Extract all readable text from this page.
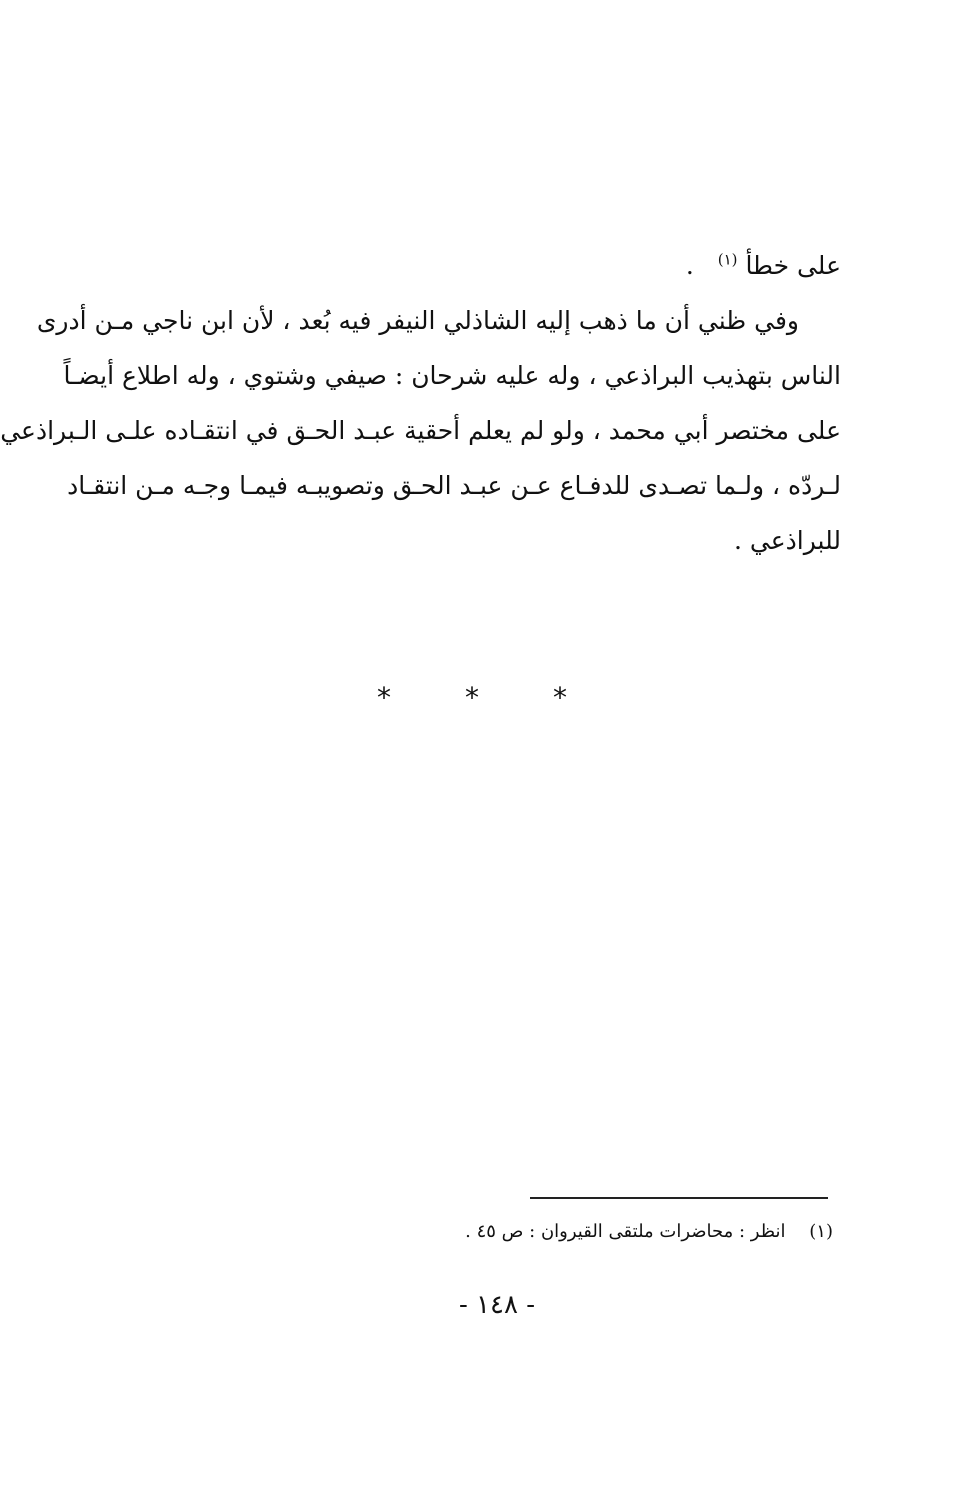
على خطأ $^{(١)}$   .
وفي ظني أن ما ذهب إليه الشاذلي النيفر فيه بُعد ، لأن ابن ناجي مـن أدرى
الناس بتهذيب البراذعي ، وله عليه شرحان : صيفي وشتوي ، وله اطلاع أيضـاً
على مختصر أبي محمد ، ولو لم يعلم أحقية عبـد الحـق في انتقـاده علـى الـبراذعي
لـردّه ، ولـما تصـدى للدفـاع عـن عبـد الحـق وتصويبـه فيمـا وجـه مـن انتقـاد
للبراذعي .
*
*
*
(١) انظر : محاضرات ملتقى القيروان : ص ٤٥ .
- ١٤٨ -
